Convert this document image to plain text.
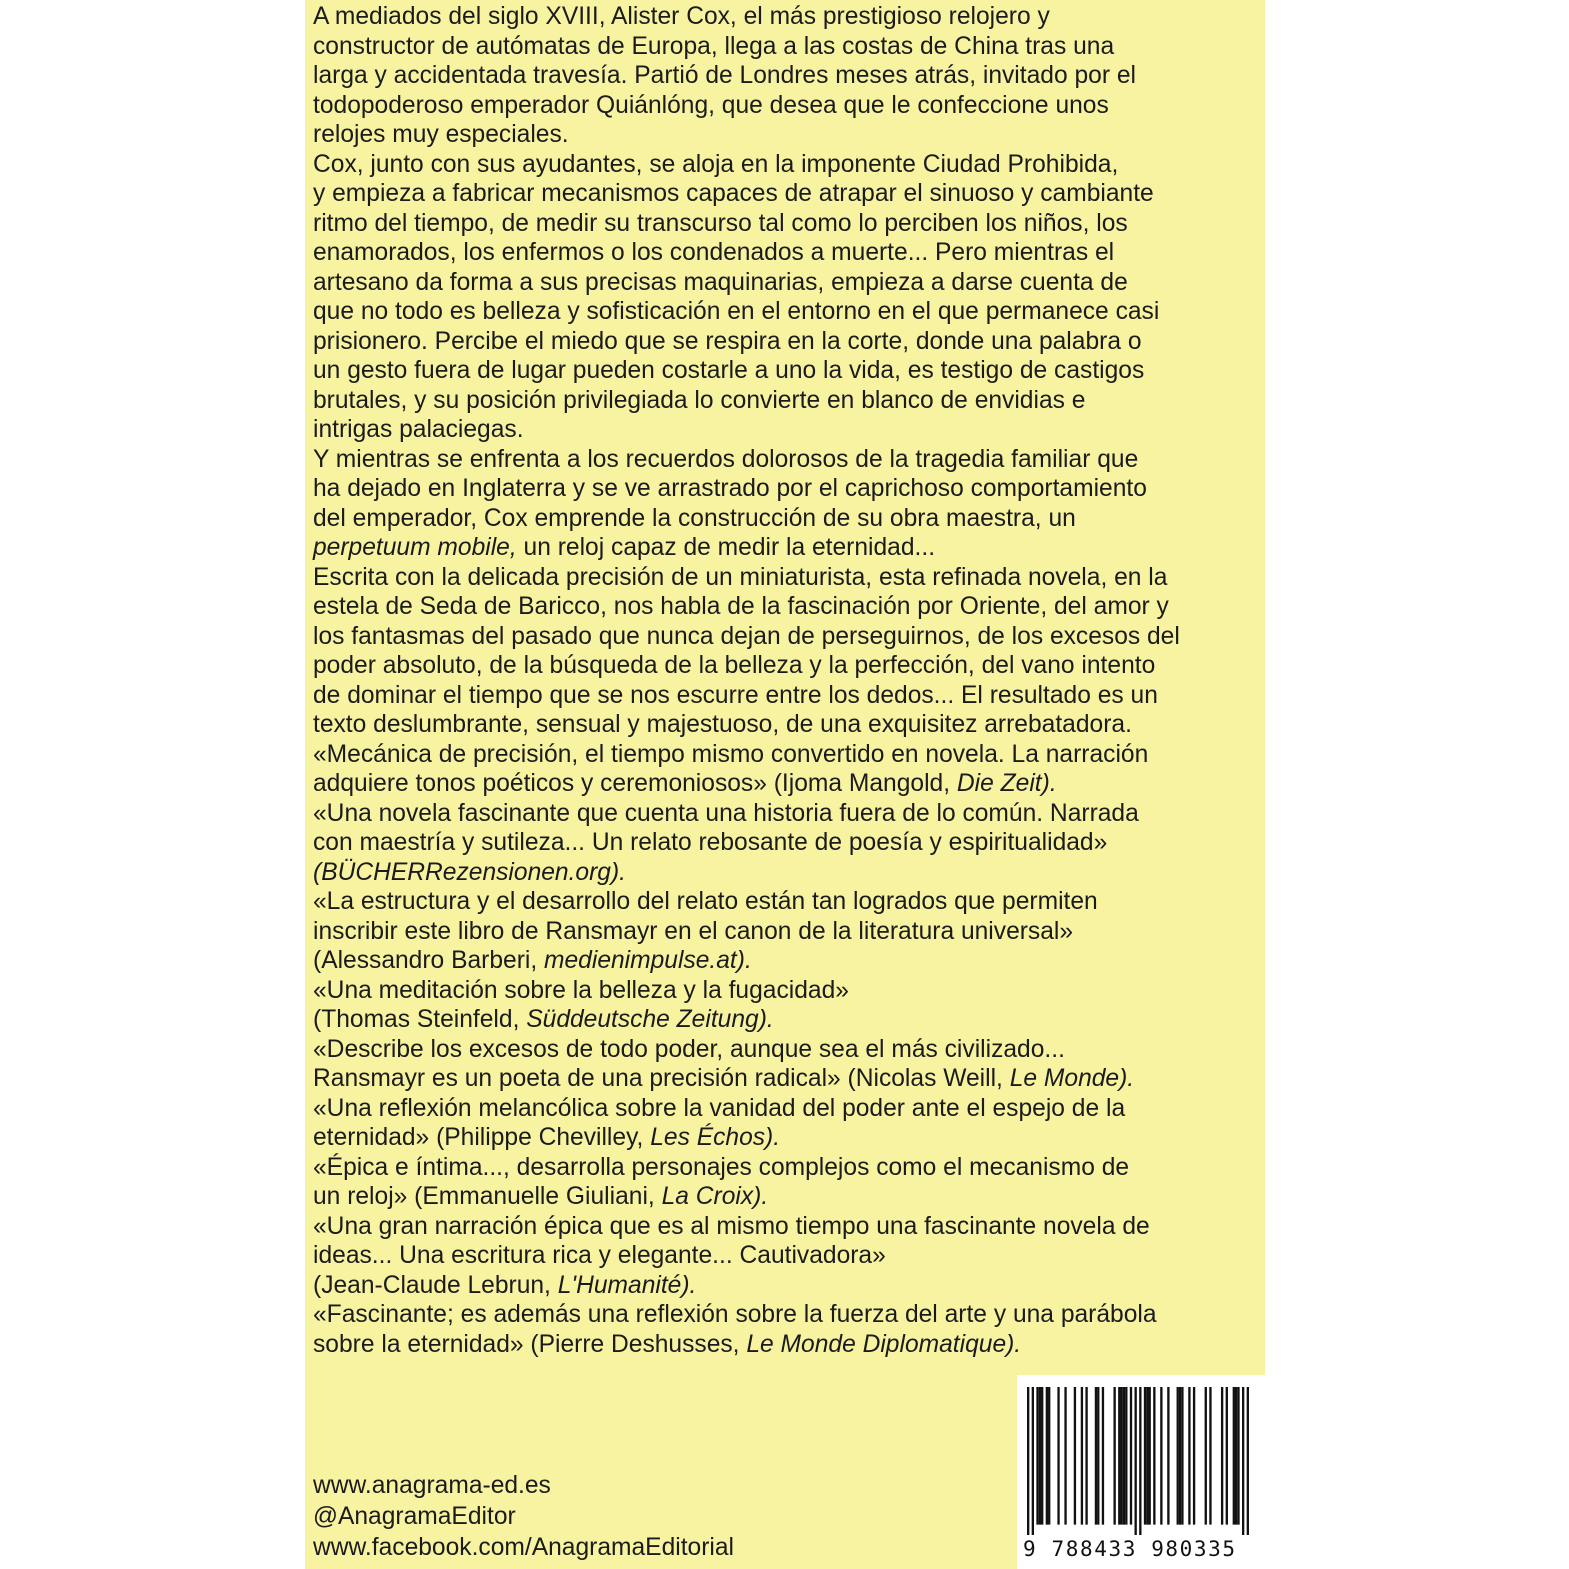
A mediados del siglo XVIII, Alister Cox, el más prestigioso relojero y
constructor de autómatas de Europa, llega a las costas de China tras una
larga y accidentada travesía. Partió de Londres meses atrás, invitado por el
todopoderoso emperador Quiánlóng, que desea que le confeccione unos
relojes muy especiales.
Cox, junto con sus ayudantes, se aloja en la imponente Ciudad Prohibida,
y empieza a fabricar mecanismos capaces de atrapar el sinuoso y cambiante
ritmo del tiempo, de medir su transcurso tal como lo perciben los niños, los
enamorados, los enfermos o los condenados a muerte... Pero mientras el
artesano da forma a sus precisas maquinarias, empieza a darse cuenta de
que no todo es belleza y sofisticación en el entorno en el que permanece casi
prisionero. Percibe el miedo que se respira en la corte, donde una palabra o
un gesto fuera de lugar pueden costarle a uno la vida, es testigo de castigos
brutales, y su posición privilegiada lo convierte en blanco de envidias e
intrigas palaciegas.
Y mientras se enfrenta a los recuerdos dolorosos de la tragedia familiar que
ha dejado en Inglaterra y se ve arrastrado por el caprichoso comportamiento
del emperador, Cox emprende la construcción de su obra maestra, un
perpetuum mobile, un reloj capaz de medir la eternidad...
Escrita con la delicada precisión de un miniaturista, esta refinada novela, en la
estela de Seda de Baricco, nos habla de la fascinación por Oriente, del amor y
los fantasmas del pasado que nunca dejan de perseguirnos, de los excesos del
poder absoluto, de la búsqueda de la belleza y la perfección, del vano intento
de dominar el tiempo que se nos escurre entre los dedos... El resultado es un
texto deslumbrante, sensual y majestuoso, de una exquisitez arrebatadora.
«Mecánica de precisión, el tiempo mismo convertido en novela. La narración
adquiere tonos poéticos y ceremoniosos» (Ijoma Mangold, Die Zeit).
«Una novela fascinante que cuenta una historia fuera de lo común. Narrada
con maestría y sutileza... Un relato rebosante de poesía y espiritualidad»
(BÜCHERRezensionen.org).
«La estructura y el desarrollo del relato están tan logrados que permiten
inscribir este libro de Ransmayr en el canon de la literatura universal»
(Alessandro Barberi, medienimpulse.at).
«Una meditación sobre la belleza y la fugacidad»
(Thomas Steinfeld, Süddeutsche Zeitung).
«Describe los excesos de todo poder, aunque sea el más civilizado...
Ransmayr es un poeta de una precisión radical» (Nicolas Weill, Le Monde).
«Una reflexión melancólica sobre la vanidad del poder ante el espejo de la
eternidad» (Philippe Chevilley, Les Échos).
«Épica e íntima..., desarrolla personajes complejos como el mecanismo de
un reloj» (Emmanuelle Giuliani, La Croix).
«Una gran narración épica que es al mismo tiempo una fascinante novela de
ideas... Una escritura rica y elegante... Cautivadora»
(Jean-Claude Lebrun, L'Humanité).
«Fascinante; es además una reflexión sobre la fuerza del arte y una parábola
sobre la eternidad» (Pierre Deshusses, Le Monde Diplomatique).
www.anagrama-ed.es
@AnagramaEditor
www.facebook.com/AnagramaEditorial	9 788433 980335
